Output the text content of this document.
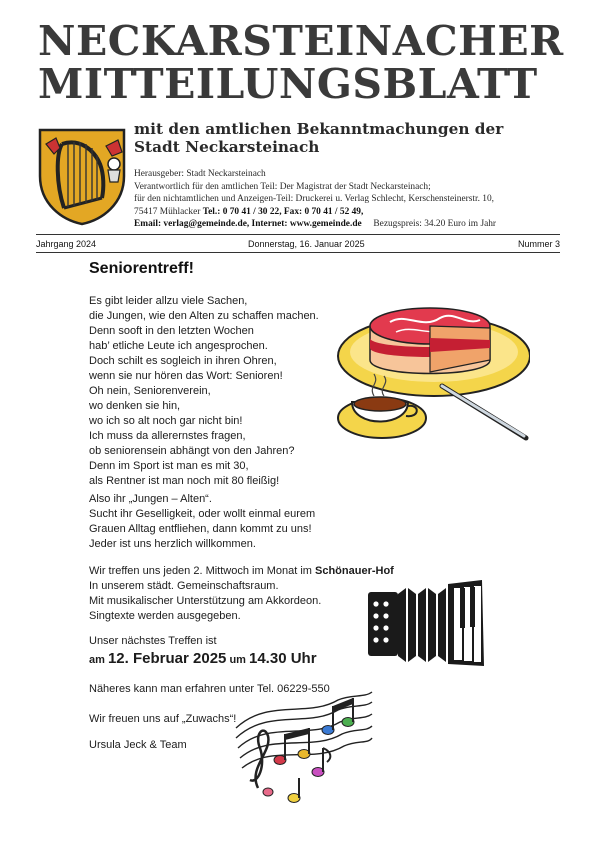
NECKARSTEINACHER
MITTEILUNGSBLATT
mit den amtlichen Bekanntmachungen der
Stadt Neckarsteinach
Herausgeber: Stadt Neckarsteinach
Verantwortlich für den amtlichen Teil: Der Magistrat der Stadt Neckarsteinach;
für den nichtamtlichen und Anzeigen-Teil: Druckerei u. Verlag Schlecht, Kerschensteinerstr. 10,
75417 Mühlacker Tel.: 0 70 41 / 30 22, Fax: 0 70 41 / 52 49,
Email: verlag@gemeinde.de, Internet: www.gemeinde.de Bezugspreis: 34.20 Euro im Jahr
Jahrgang 2024	Donnerstag, 16. Januar 2025	Nummer 3
Seniorentreff!
Es gibt leider allzu viele Sachen,
die Jungen, wie den Alten zu schaffen machen.
Denn sooft in den letzten Wochen
hab’ etliche Leute ich angesprochen.
Doch schilt es sogleich in ihren Ohren,
wenn sie nur hören das Wort: Senioren!
Oh nein, Seniorenverein,
wo denken sie hin,
wo ich so alt noch gar nicht bin!
Ich muss da allerernstes fragen,
ob seniorensein abhängt von den Jahren?
Denn im Sport ist man es mit 30,
als Rentner ist man noch mit 80 fleißig!
Also ihr „Jungen – Alten“.
Sucht ihr Geselligkeit, oder wollt einmal eurem
Grauen Alltag entfliehen, dann kommt zu uns!
Jeder ist uns herzlich willkommen.
Wir treffen uns jeden 2. Mittwoch im Monat im Schönauer-Hof
In unserem städt. Gemeinschaftsraum.
Mit musikalischer Unterstützung am Akkordeon.
Singtexte werden ausgegeben.
Unser nächstes Treffen ist
am 12. Februar 2025 um 14.30 Uhr
Näheres kann man erfahren unter Tel. 06229-550
Wir freuen uns auf „Zuwachs“!
Ursula Jeck & Team
